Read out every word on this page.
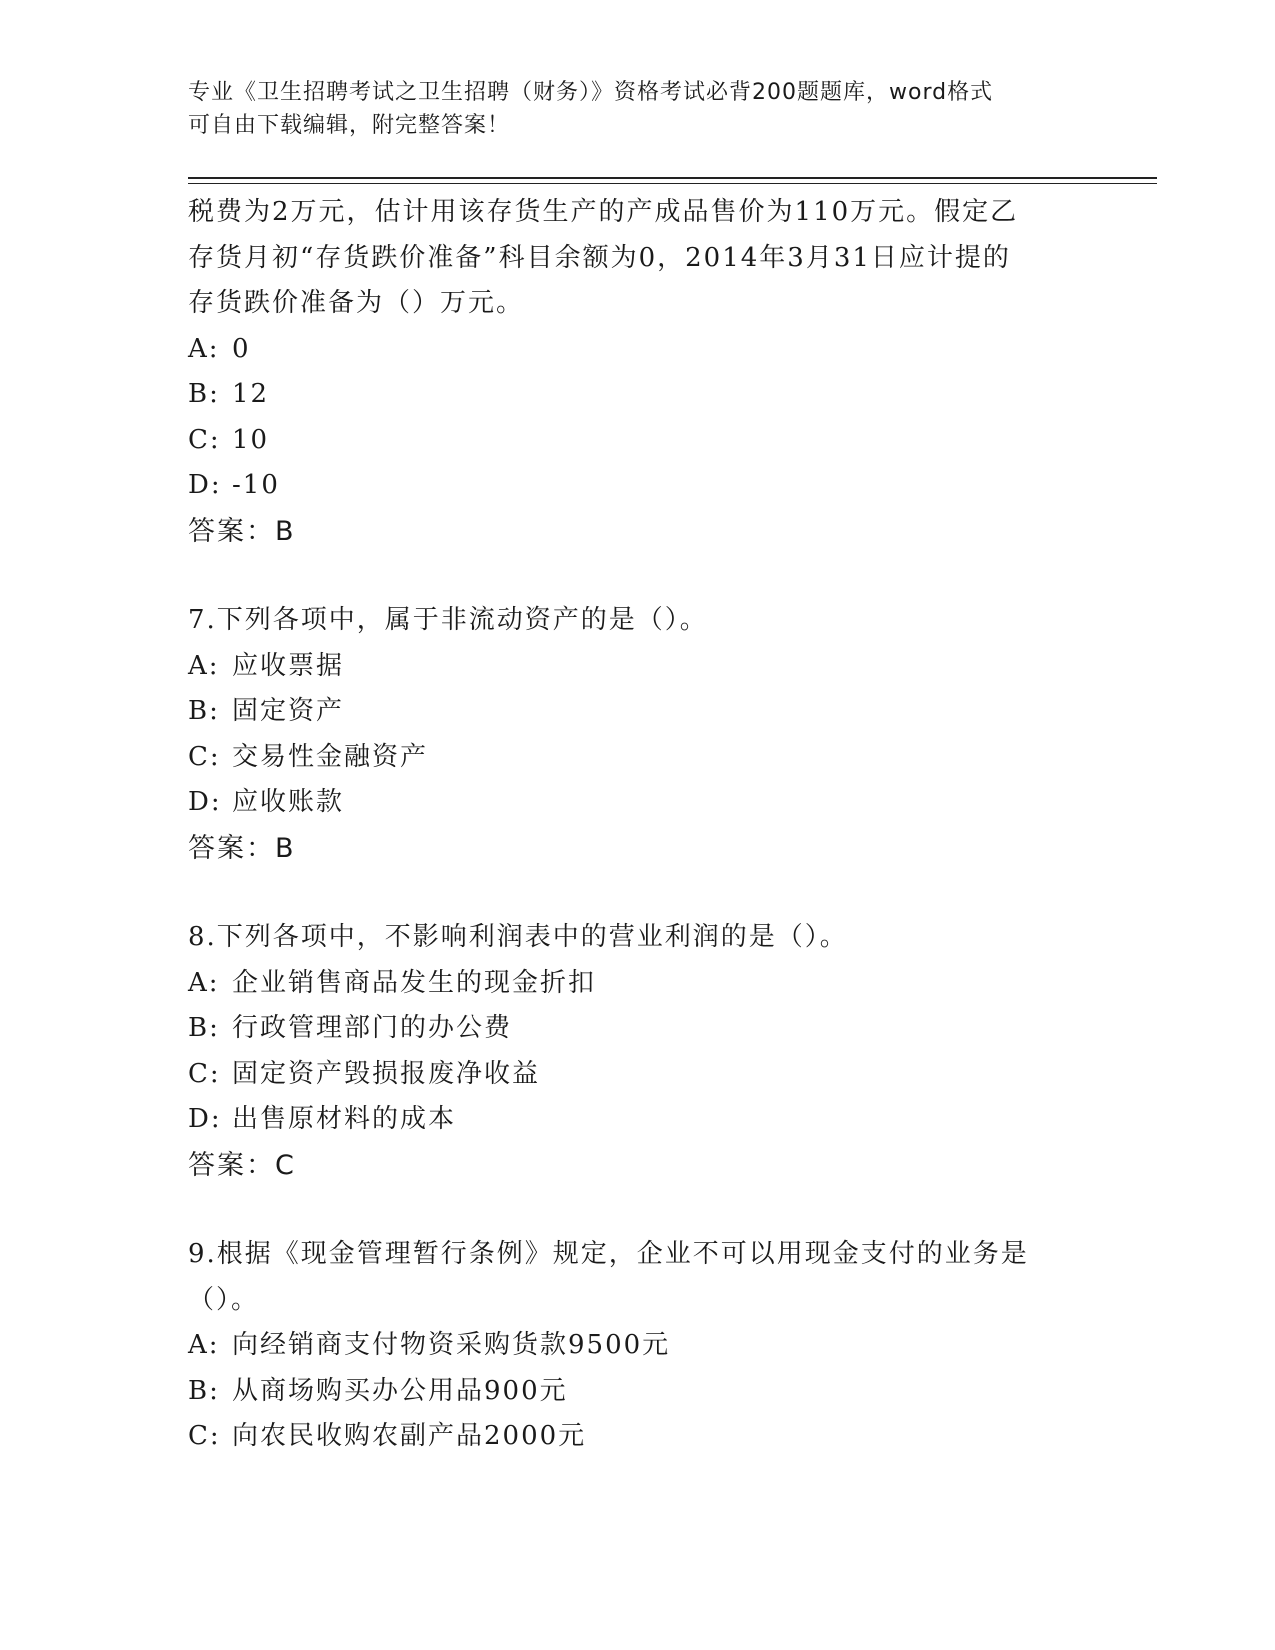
专业《卫生招聘考试之卫生招聘（财务）》资格考试必背200题题库，word格式
可自由下载编辑，附完整答案！
税费为2万元，估计用该存货生产的产成品售价为110万元。假定乙
存货月初“存货跌价准备”科目余额为0，2014年3月31日应计提的
存货跌价准备为（）万元。
A: 0
B: 12
C: 10
D: -10
答案：B
7.下列各项中，属于非流动资产的是（）。
A: 应收票据
B: 固定资产
C: 交易性金融资产
D: 应收账款
答案：B
8.下列各项中，不影响利润表中的营业利润的是（）。
A: 企业销售商品发生的现金折扣
B: 行政管理部门的办公费
C: 固定资产毁损报废净收益
D: 出售原材料的成本
答案：C
9.根据《现金管理暂行条例》规定，企业不可以用现金支付的业务是
（）。
A: 向经销商支付物资采购货款9500元
B: 从商场购买办公用品900元
C: 向农民收购农副产品2000元
